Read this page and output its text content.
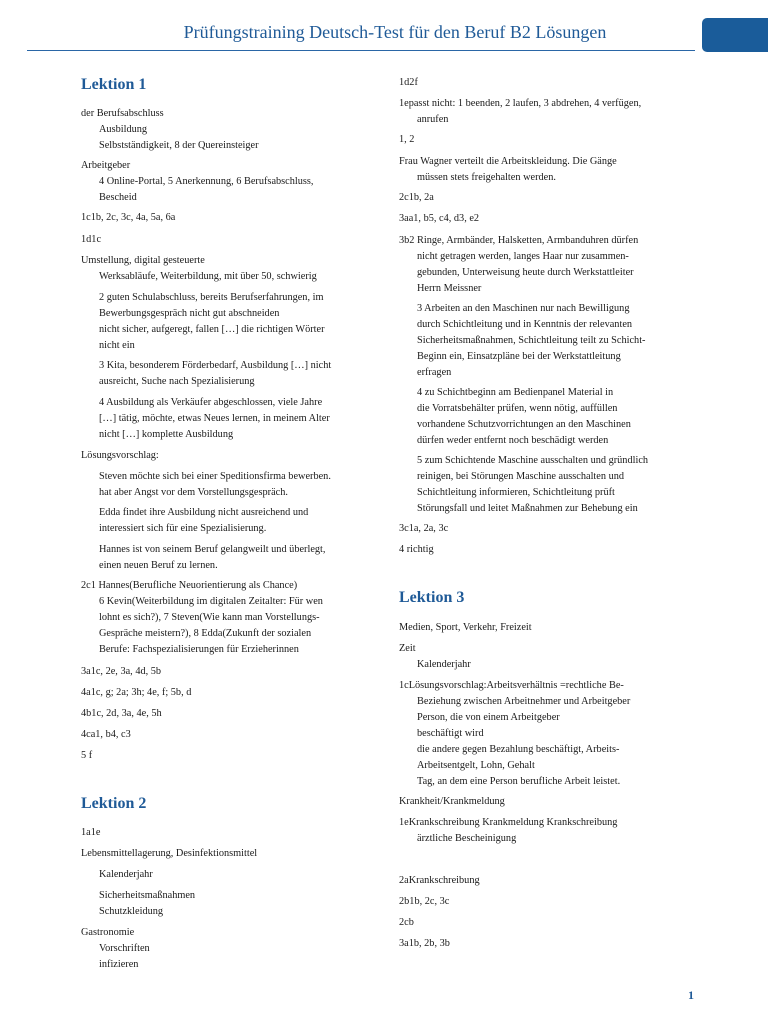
Prüfungstraining Deutsch-Test für den Beruf B2 Lösungen
Lektion 1
der Berufsabschluss
Ausbildung
Selbstständigkeit, 8 der Quereinsteiger
Arbeitgeber
4 Online-Portal, 5 Anerkennung, 6 Berufsabschluss,
Bescheid
1c1b, 2c, 3c, 4a, 5a, 6a
1d1c
Umstellung, digital gesteuerte
Werksabläufe, Weiterbildung, mit über 50, schwierig
2 guten Schulabschluss, bereits Berufserfahrungen, im
Bewerbungsgespräch nicht gut abschneiden
nicht sicher, aufgeregt, fallen […] die richtigen Wörter
nicht ein
3 Kita, besonderem Förderbedarf, Ausbildung […] nicht
ausreicht, Suche nach Spezialisierung
4 Ausbildung als Verkäufer abgeschlossen, viele Jahre
[…] tätig, möchte, etwas Neues lernen, in meinem Alter
nicht […] komplette Ausbildung
Lösungsvorschlag:
Steven möchte sich bei einer Speditionsfirma bewerben.
hat aber Angst vor dem Vorstellungsgespräch.
Edda findet ihre Ausbildung nicht ausreichend und
interessiert sich für eine Spezialisierung.
Hannes ist von seinem Beruf gelangweilt und überlegt,
einen neuen Beruf zu lernen.
2c1 Hannes(Berufliche Neuorientierung als Chance)
6 Kevin(Weiterbildung im digitalen Zeitalter: Für wen
lohnt es sich?), 7 Steven(Wie kann man Vorstellungs-
Gespräche meistern?), 8 Edda(Zukunft der sozialen
Berufe: Fachspezialisierungen für Erzieherinnen
3a1c, 2e, 3a, 4d, 5b
4a1c, g; 2a; 3h; 4e, f; 5b, d
4b1c, 2d, 3a, 4e, 5h
4ca1, b4, c3
5 f
Lektion 2
1a1e
Lebensmittellagerung, Desinfektionsmittel
Kalenderjahr
Sicherheitsmaßnahmen
Schutzkleidung
Gastronomie
Vorschriften
infizieren
1d2f
1epasst nicht: 1 beenden, 2 laufen, 3 abdrehen, 4 verfügen,
anrufen
1, 2
Frau Wagner verteilt die Arbeitskleidung. Die Gänge
müssen stets freigehalten werden.
2c1b, 2a
3aa1, b5, c4, d3, e2
3b2 Ringe, Armbänder, Halsketten, Armbanduhren dürfen
nicht getragen werden, langes Haar nur zusammen-
gebunden, Unterweisung heute durch Werkstattleiter
Herrn Meissner
3 Arbeiten an den Maschinen nur nach Bewilligung
durch Schichtleitung und in Kenntnis der relevanten
Sicherheitsmaßnahmen, Schichtleitung teilt zu Schicht-
Beginn ein, Einsatzpläne bei der Werkstattleitung
erfragen
4 zu Schichtbeginn am Bedienpanel Material in
die Vorratsbehälter prüfen, wenn nötig, auffüllen
vorhandene Schutzvorrichtungen an den Maschinen
dürfen weder entfernt noch beschädigt werden
5 zum Schichtende Maschine ausschalten und gründlich
reinigen, bei Störungen Maschine ausschalten und
Schichtleitung informieren, Schichtleitung prüft
Störungsfall und leitet Maßnahmen zur Behebung ein
3c1a, 2a, 3c
4 richtig
Lektion 3
Medien, Sport, Verkehr, Freizeit
Zeit
Kalenderjahr
1cLösungsvorschlag:Arbeitsverhältnis =rechtliche Be-
Beziehung zwischen Arbeitnehmer und Arbeitgeber
Person, die von einem Arbeitgeber
beschäftigt wird
die andere gegen Bezahlung beschäftigt, Arbeits-
Arbeitsentgelt, Lohn, Gehalt
Tag, an dem eine Person berufliche Arbeit leistet.
Krankheit/Krankmeldung
1eKrankschreibung Krankmeldung Krankschreibung
ärztliche Bescheinigung
2aKrankschreibung
2b1b, 2c, 3c
2cb
3a1b, 2b, 3b
1
